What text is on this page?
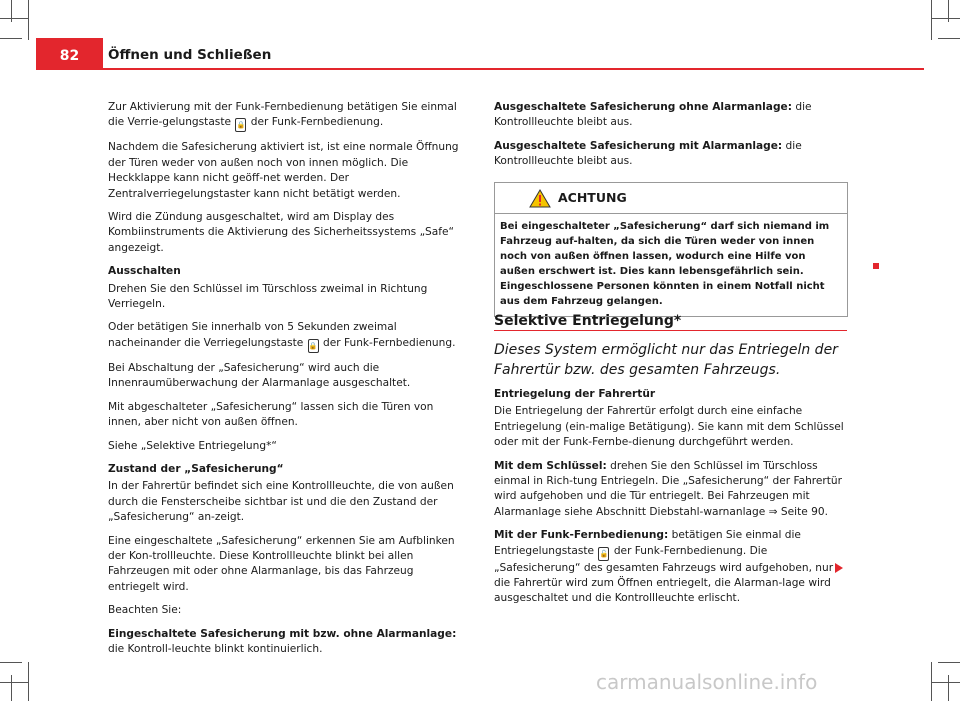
82	Öffnen und Schließen

Zur Aktivierung mit der Funk-Fernbedienung betätigen Sie einmal die Verrie-gelungstaste 🔒 der Funk-Fernbedienung.

Nachdem die Safesicherung aktiviert ist, ist eine normale Öffnung der Türen weder von außen noch von innen möglich. Die Heckklappe kann nicht geöff-net werden. Der Zentralverriegelungstaster kann nicht betätigt werden.

Wird die Zündung ausgeschaltet, wird am Display des Kombiinstruments die Aktivierung des Sicherheitssystems „Safe“ angezeigt.

Ausschalten

Drehen Sie den Schlüssel im Türschloss zweimal in Richtung Verriegeln.

Oder betätigen Sie innerhalb von 5 Sekunden zweimal nacheinander die Verriegelungstaste 🔒 der Funk-Fernbedienung.

Bei Abschaltung der „Safesicherung“ wird auch die Innenraumüberwachung der Alarmanlage ausgeschaltet.

Mit abgeschalteter „Safesicherung“ lassen sich die Türen von innen, aber nicht von außen öffnen.

Siehe „Selektive Entriegelung*“

Zustand der „Safesicherung“

In der Fahrertür befindet sich eine Kontrollleuchte, die von außen durch die Fensterscheibe sichtbar ist und die den Zustand der „Safesicherung“ an-zeigt.

Eine eingeschaltete „Safesicherung“ erkennen Sie am Aufblinken der Kon-trollleuchte. Diese Kontrollleuchte blinkt bei allen Fahrzeugen mit oder ohne Alarmanlage, bis das Fahrzeug entriegelt wird.

Beachten Sie:

Eingeschaltete Safesicherung mit bzw. ohne Alarmanlage: die Kontroll-leuchte blinkt kontinuierlich.

Ausgeschaltete Safesicherung ohne Alarmanlage: die Kontrollleuchte bleibt aus.

Ausgeschaltete Safesicherung mit Alarmanlage: die Kontrollleuchte bleibt aus.

ACHTUNG
Bei eingeschalteter „Safesicherung“ darf sich niemand im Fahrzeug auf-halten, da sich die Türen weder von innen noch von außen öffnen lassen, wodurch eine Hilfe von außen erschwert ist. Dies kann lebensgefährlich sein. Eingeschlossene Personen könnten in einem Notfall nicht aus dem Fahrzeug gelangen.
Selektive Entriegelung*
Dieses System ermöglicht nur das Entriegeln der Fahrertür bzw. des gesamten Fahrzeugs.

Entriegelung der Fahrertür

Die Entriegelung der Fahrertür erfolgt durch eine einfache Entriegelung (ein-malige Betätigung). Sie kann mit dem Schlüssel oder mit der Funk-Fernbe-dienung durchgeführt werden.

Mit dem Schlüssel: drehen Sie den Schlüssel im Türschloss einmal in Rich-tung Entriegeln. Die „Safesicherung“ der Fahrertür wird aufgehoben und die Tür entriegelt. Bei Fahrzeugen mit Alarmanlage siehe Abschnitt Diebstahl-warnanlage ⇒ Seite 90.

Mit der Funk-Fernbedienung: betätigen Sie einmal die Entriegelungstaste 🔓 der Funk-Fernbedienung. Die „Safesicherung“ des gesamten Fahrzeugs wird aufgehoben, nur die Fahrertür wird zum Öffnen entriegelt, die Alarman-lage wird ausgeschaltet und die Kontrollleuchte erlischt.

carmanualsonline.info
